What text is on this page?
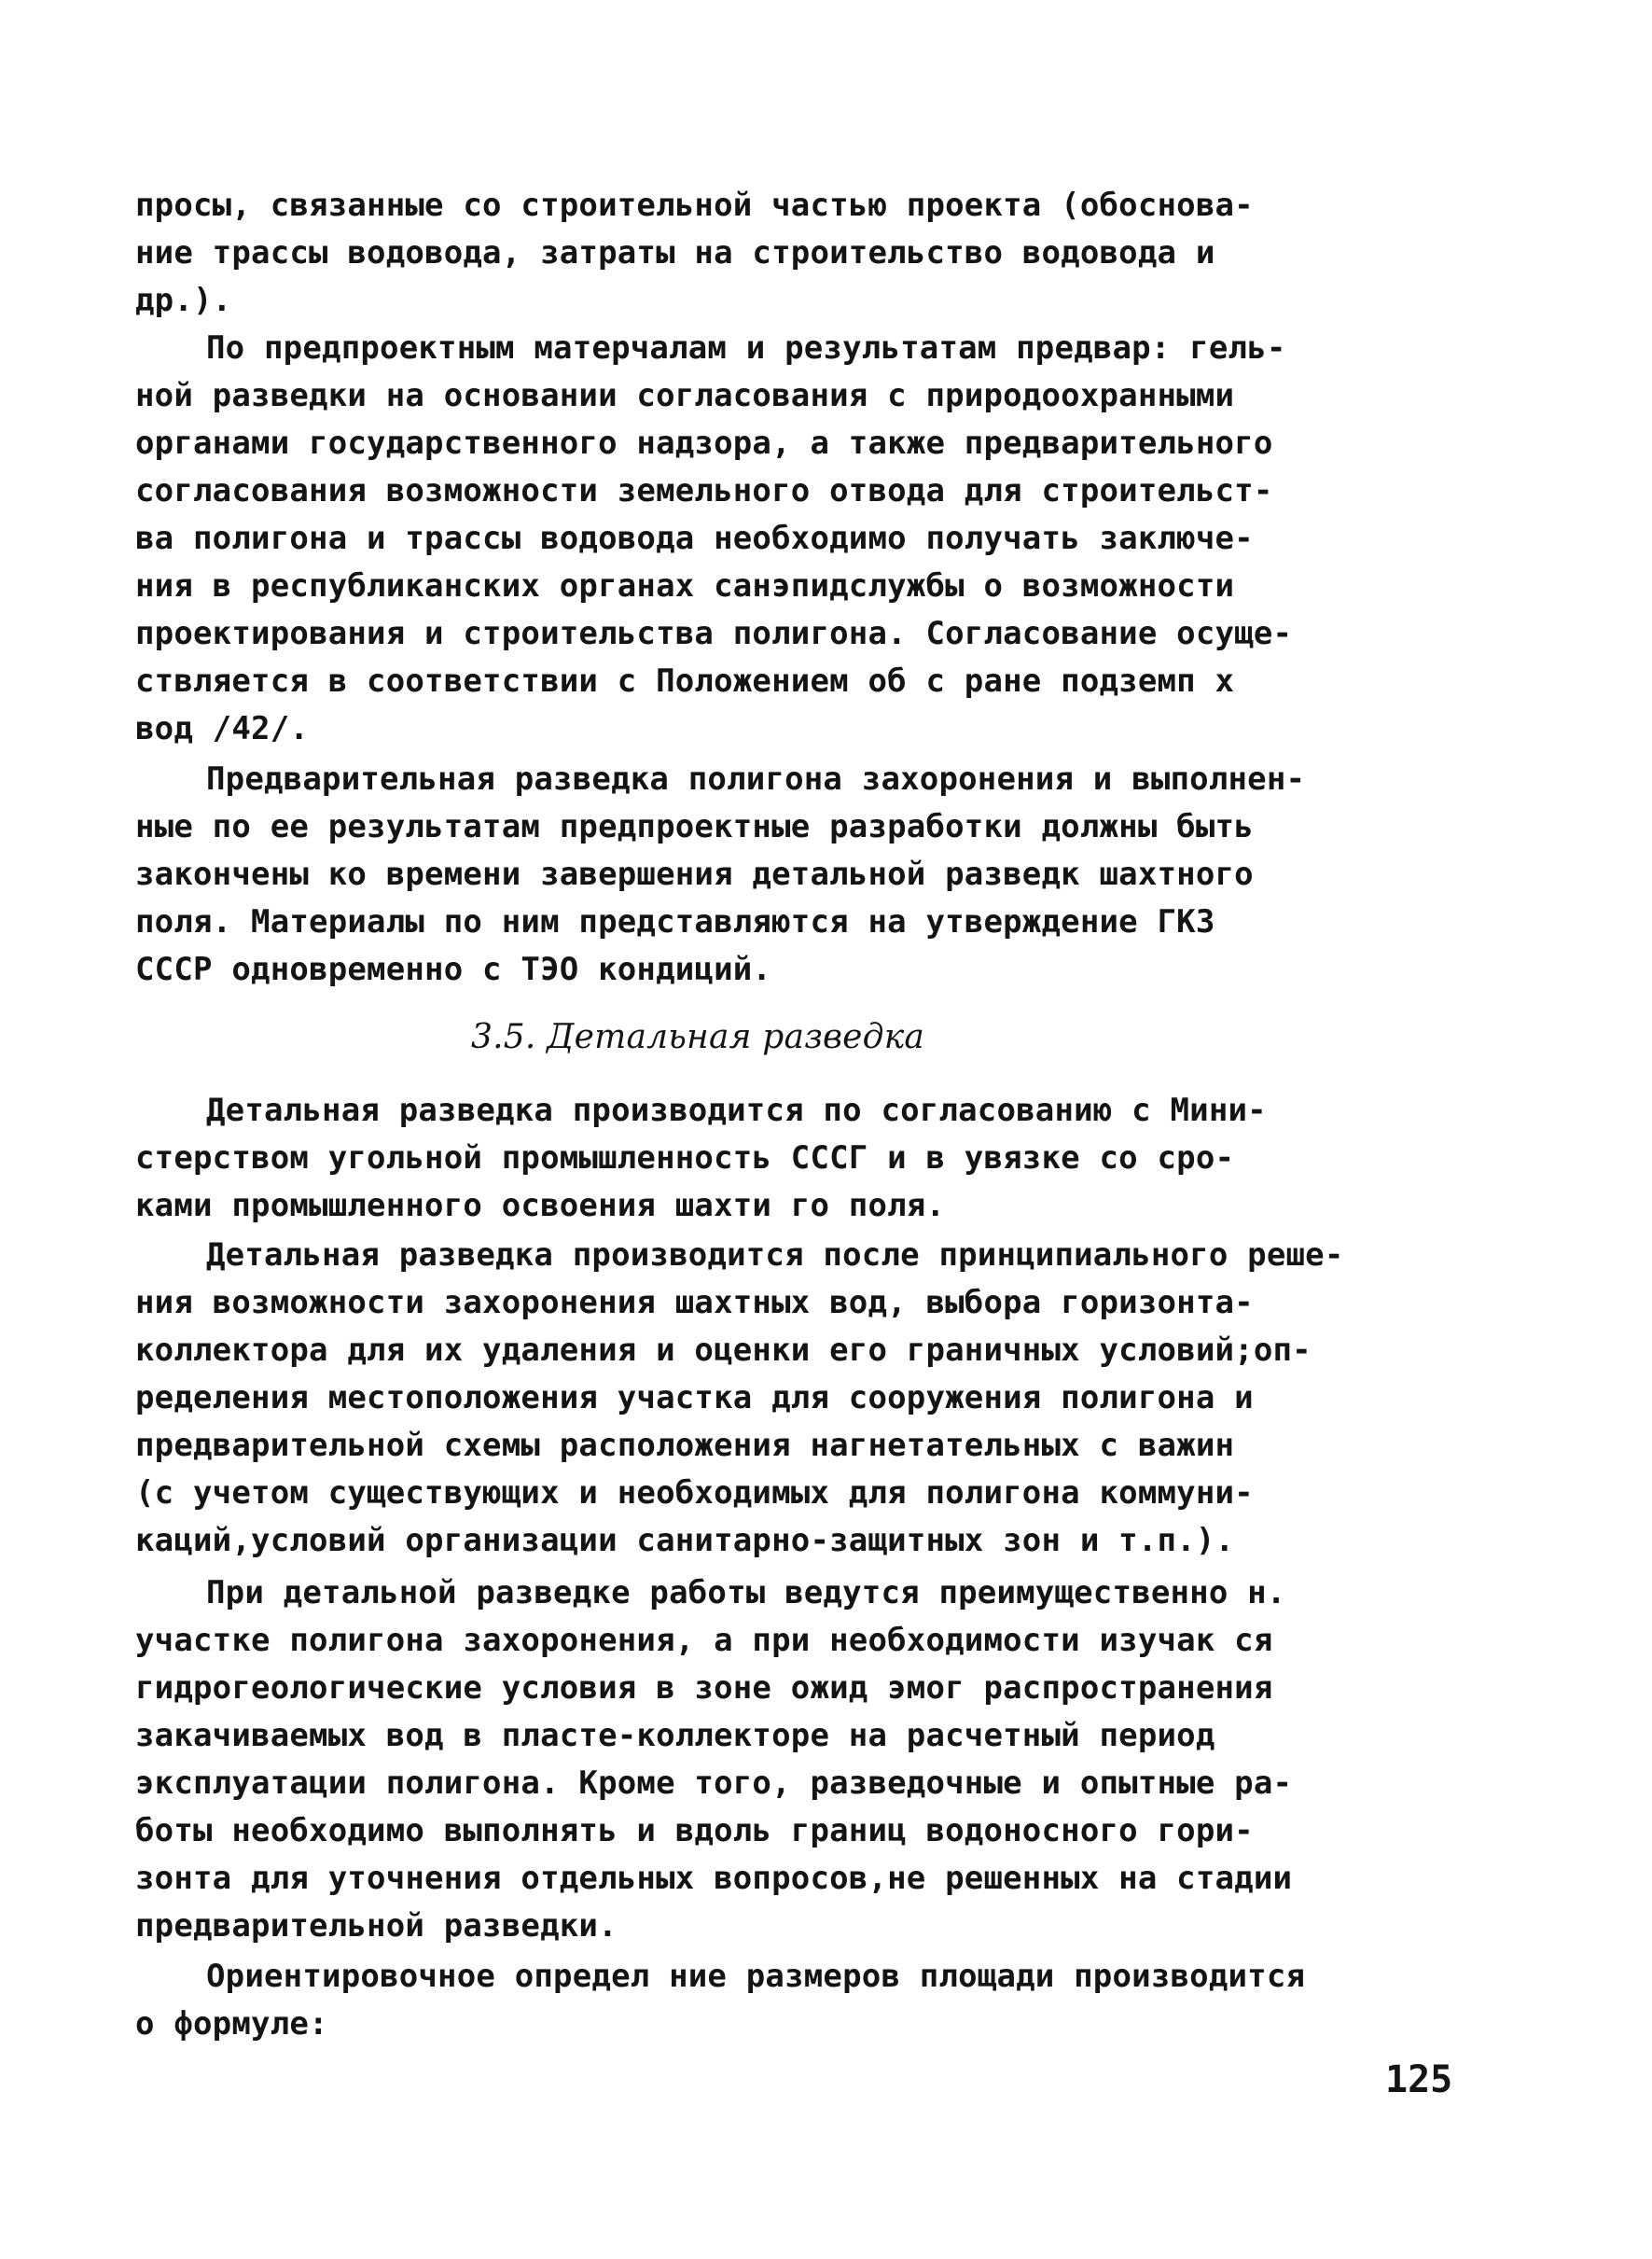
просы, связанные со строительной частью проекта (обоснова-
ние трассы водовода, затраты на строительство водовода и
др.).
По предпроектным матерчалам и результатам предвар: гель-
ной разведки на основании согласования с природоохранными
органами государственного надзора, а также предварительного
согласования возможности земельного отвода для строительст-
ва полигона и трассы водовода необходимо получать заключе-
ния в республиканских органах санэпидслужбы о возможности
проектирования и строительства полигона. Согласование осуще-
ствляется в соответствии с Положением об с ране подземп х
вод /42/.
Предварительная разведка полигона захоронения и выполнен-
ные по ее результатам предпроектные разработки должны быть
закончены ко времени завершения детальной разведк шахтного
поля. Материалы по ним представляются на утверждение ГКЗ
СССР одновременно с ТЭО кондиций.
3.5. Детальная разведка
Детальная разведка производится по согласованию с Мини-
стерством угольной промышленность СССГ и в увязке со сро-
ками промышленного освоения шахти го поля.
Детальная разведка производится после принципиального реше-
ния возможности захоронения шахтных вод, выбора горизонта-
коллектора для их удаления и оценки его граничных условий;оп-
ределения местоположения участка для сооружения полигона и
предварительной схемы расположения нагнетательных с важин
(с учетом существующих и необходимых для полигона коммуни-
каций,условий организации санитарно-защитных зон и т.п.).
При детальной разведке работы ведутся преимущественно н.
участке полигона захоронения, а при необходимости изучак ся
гидрогеологические условия в зоне ожид эмог распространения
закачиваемых вод в пласте-коллекторе на расчетный период
эксплуатации полигона. Кроме того, разведочные и опытные ра-
боты необходимо выполнять и вдоль границ водоносного гори-
зонта для уточнения отдельных вопросов,не решенных на стадии
предварительной разведки.
Ориентировочное определ ние размеров площади производится
о формуле:
125
